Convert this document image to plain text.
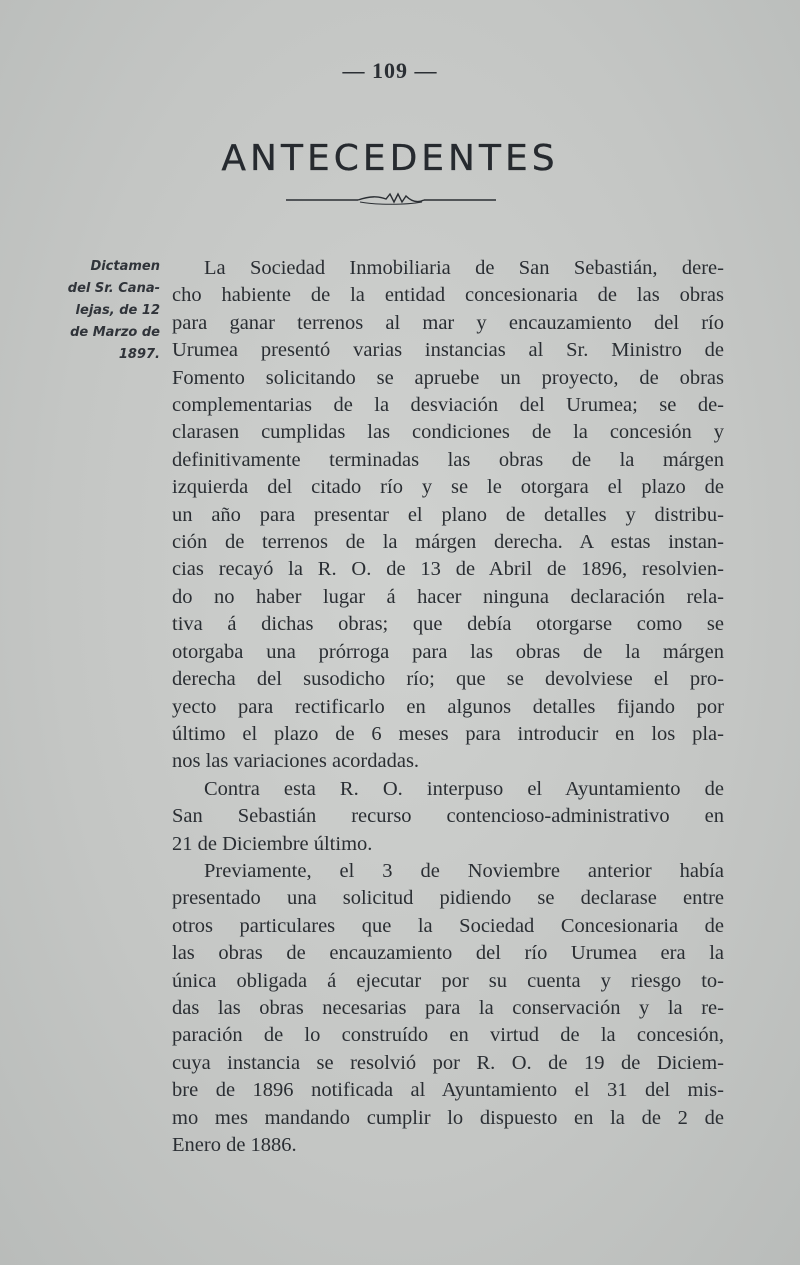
— 109 —
ANTECEDENTES
Dictamen
del Sr. Cana-
lejas, de 12
de Marzo de
1897.
La Sociedad Inmobiliaria de San Sebastián, dere-
cho habiente de la entidad concesionaria de las obras
para ganar terrenos al mar y encauzamiento del río
Urumea presentó varias instancias al Sr. Ministro de
Fomento solicitando se apruebe un proyecto, de obras
complementarias de la desviación del Urumea; se de-
clarasen cumplidas las condiciones de la concesión y
definitivamente terminadas las obras de la márgen
izquierda del citado río y se le otorgara el plazo de
un año para presentar el plano de detalles y distribu-
ción de terrenos de la márgen derecha. A estas instan-
cias recayó la R. O. de 13 de Abril de 1896, resolvien-
do no haber lugar á hacer ninguna declaración rela-
tiva á dichas obras; que debía otorgarse como se
otorgaba una prórroga para las obras de la márgen
derecha del susodicho río; que se devolviese el pro-
yecto para rectificarlo en algunos detalles fijando por
último el plazo de 6 meses para introducir en los pla-
nos las variaciones acordadas.
Contra esta R. O. interpuso el Ayuntamiento de
San Sebastián recurso contencioso-administrativo en
21 de Diciembre último.
Previamente, el 3 de Noviembre anterior había
presentado una solicitud pidiendo se declarase entre
otros particulares que la Sociedad Concesionaria de
las obras de encauzamiento del río Urumea era la
única obligada á ejecutar por su cuenta y riesgo to-
das las obras necesarias para la conservación y la re-
paración de lo construído en virtud de la concesión,
cuya instancia se resolvió por R. O. de 19 de Diciem-
bre de 1896 notificada al Ayuntamiento el 31 del mis-
mo mes mandando cumplir lo dispuesto en la de 2 de
Enero de 1886.
